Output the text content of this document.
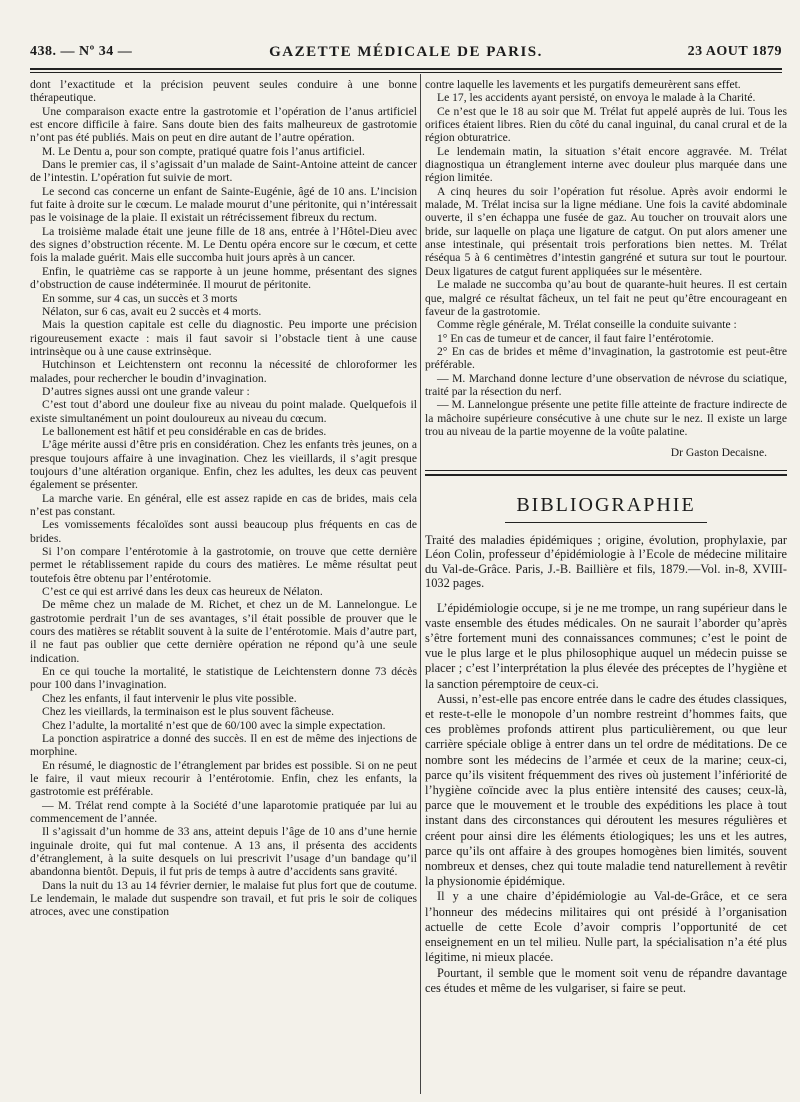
438. — Nº 34 —	GAZETTE MÉDICALE DE PARIS.	23 AOUT 1879

dont l’exactitude et la précision peuvent seules conduire à une bonne thérapeutique.

Une comparaison exacte entre la gastrotomie et l’opération de l’anus artificiel est encore difficile à faire. Sans doute bien des faits malheureux de gastrotomie n’ont pas été publiés. Mais on peut en dire autant de l’autre opération.

M. Le Dentu a, pour son compte, pratiqué quatre fois l’anus artificiel.

Dans le premier cas, il s’agissait d’un malade de Saint-Antoine atteint de cancer de l’intestin. L’opération fut suivie de mort.

Le second cas concerne un enfant de Sainte-Eugénie, âgé de 10 ans. L’incision fut faite à droite sur le cœcum. Le malade mourut d’une péritonite, qui n’intéressait pas le voisinage de la plaie. Il existait un rétrécissement fibreux du rectum.

La troisième malade était une jeune fille de 18 ans, entrée à l’Hôtel-Dieu avec des signes d’obstruction récente. M. Le Dentu opéra encore sur le cœcum, et cette fois la malade guérit. Mais elle succomba huit jours après à un cancer.

Enfin, le quatrième cas se rapporte à un jeune homme, présentant des signes d’obstruction de cause indéterminée. Il mourut de péritonite.

En somme, sur 4 cas, un succès et 3 morts

Nélaton, sur 6 cas, avait eu 2 succès et 4 morts.

Mais la question capitale est celle du diagnostic. Peu importe une précision rigoureusement exacte : mais il faut savoir si l’obstacle tient à une cause intrinsèque ou à une cause extrinsèque.

Hutchinson et Leichtenstern ont reconnu la nécessité de chloroformer les malades, pour rechercher le boudin d’invagination.

D’autres signes aussi ont une grande valeur :

C’est tout d’abord une douleur fixe au niveau du point malade. Quelquefois il existe simultanément un point douloureux au niveau du cœcum.

Le ballonement est hâtif et peu considérable en cas de brides.

L’âge mérite aussi d’être pris en considération. Chez les enfants très jeunes, on a presque toujours affaire à une invagination. Chez les vieillards, il s’agit presque toujours d’une altération organique. Enfin, chez les adultes, les deux cas peuvent également se présenter.

La marche varie. En général, elle est assez rapide en cas de brides, mais cela n’est pas constant.

Les vomissements fécaloïdes sont aussi beaucoup plus fréquents en cas de brides.

Si l’on compare l’entérotomie à la gastrotomie, on trouve que cette dernière permet le rétablissement rapide du cours des matières. Le même résultat peut toutefois être obtenu par l’entérotomie.

C’est ce qui est arrivé dans les deux cas heureux de Nélaton.

De même chez un malade de M. Richet, et chez un de M. Lannelongue. Le gastrotomie perdrait l’un de ses avantages, s’il était possible de prouver que le cours des matières se rétablit souvent à la suite de l’entérotomie. Mais d’autre part, il ne faut pas oublier que cette dernière opération ne répond qu’à une seule indication.

En ce qui touche la mortalité, le statistique de Leichtenstern donne 73 décès pour 100 dans l’invagination.

Chez les enfants, il faut intervenir le plus vite possible.

Chez les vieillards, la terminaison est le plus souvent fâcheuse.

Chez l’adulte, la mortalité n’est que de 60/100 avec la simple expectation.

La ponction aspiratrice a donné des succès. Il en est de même des injections de morphine.

En résumé, le diagnostic de l’étranglement par brides est possible. Si on ne peut le faire, il vaut mieux recourir à l’entérotomie. Enfin, chez les enfants, la gastrotomie est préférable.

— M. Trélat rend compte à la Société d’une laparotomie pratiquée par lui au commencement de l’année.

Il s’agissait d’un homme de 33 ans, atteint depuis l’âge de 10 ans d’une hernie inguinale droite, qui fut mal contenue. A 13 ans, il présenta des accidents d’étranglement, à la suite desquels on lui prescrivit l’usage d’un bandage qu’il abandonna bientôt. Depuis, il fut pris de temps à autre d’accidents sans gravité.

Dans la nuit du 13 au 14 février dernier, le malaise fut plus fort que de coutume. Le lendemain, le malade dut suspendre son travail, et fut pris le soir de coliques atroces, avec une constipation

contre laquelle les lavements et les purgatifs demeurèrent sans effet.

Le 17, les accidents ayant persisté, on envoya le malade à la Charité.

Ce n’est que le 18 au soir que M. Trélat fut appelé auprès de lui. Tous les orifices étaient libres. Rien du côté du canal inguinal, du canal crural et de la région obturatrice.

Le lendemain matin, la situation s’était encore aggravée. M. Trélat diagnostiqua un étranglement interne avec douleur plus marquée dans une région limitée.

A cinq heures du soir l’opération fut résolue. Après avoir endormi le malade, M. Trélat incisa sur la ligne médiane. Une fois la cavité abdominale ouverte, il s’en échappa une fusée de gaz. Au toucher on trouvait alors une bride, sur laquelle on plaça une ligature de catgut. On put alors amener une anse intestinale, qui présentait trois perforations bien nettes. M. Trélat réséqua 5 à 6 centimètres d’intestin gangréné et sutura sur tout le pourtour. Deux ligatures de catgut furent appliquées sur le mésentère.

Le malade ne succomba qu’au bout de quarante-huit heures. Il est certain que, malgré ce résultat fâcheux, un tel fait ne peut qu’être encourageant en faveur de la gastrotomie.

Comme règle générale, M. Trélat conseille la conduite suivante :

1° En cas de tumeur et de cancer, il faut faire l’entérotomie.

2° En cas de brides et même d’invagination, la gastrotomie est peut-être préférable.

— M. Marchand donne lecture d’une observation de névrose du sciatique, traité par la résection du nerf.

— M. Lannelongue présente une petite fille atteinte de fracture indirecte de la mâchoire supérieure consécutive à une chute sur le nez. Il existe un large trou au niveau de la partie moyenne de la voûte palatine.

Dr Gaston Decaisne.

BIBLIOGRAPHIE

Traité des maladies épidémiques ; origine, évolution, prophylaxie, par Léon Colin, professeur d’épidémiologie à l’Ecole de médecine militaire du Val-de-Grâce. Paris, J.-B. Baillière et fils, 1879.—Vol. in-8, XVIII-1032 pages.

L’épidémiologie occupe, si je ne me trompe, un rang supérieur dans le vaste ensemble des études médicales. On ne saurait l’aborder qu’après s’être fortement muni des connaissances communes; c’est le point de vue le plus large et le plus philosophique auquel un médecin puisse se placer ; c’est l’interprétation la plus élevée des préceptes de l’hygiène et la sanction péremptoire de ceux-ci.

Aussi, n’est-elle pas encore entrée dans le cadre des études classiques, et reste-t-elle le monopole d’un nombre restreint d’hommes faits, que ces problèmes profonds attirent plus particulièrement, ou que leur carrière spéciale oblige à entrer dans un tel ordre de méditations. De ce nombre sont les médecins de l’armée et ceux de la marine; ceux-ci, parce qu’ils visitent fréquemment des rives où justement l’infériorité de l’hygiène coïncide avec la plus entière intensité des causes; ceux-là, parce que le mouvement et le trouble des expéditions les place à tout instant dans des circonstances qui déroutent les mesures régulières et créent pour ainsi dire les éléments étiologiques; les uns et les autres, parce qu’ils ont affaire à des groupes homogènes bien limités, souvent nombreux et denses, chez qui toute maladie tend naturellement à revêtir la physionomie épidémique.

Il y a une chaire d’épidémiologie au Val-de-Grâce, et ce sera l’honneur des médecins militaires qui ont présidé à l’organisation actuelle de cette Ecole d’avoir compris l’opportunité de cet enseignement en un tel milieu. Nulle part, la spécialisation n’a été plus légitime, ni mieux placée.

Pourtant, il semble que le moment soit venu de répandre davantage ces études et même de les vulgariser, si faire se peut.
